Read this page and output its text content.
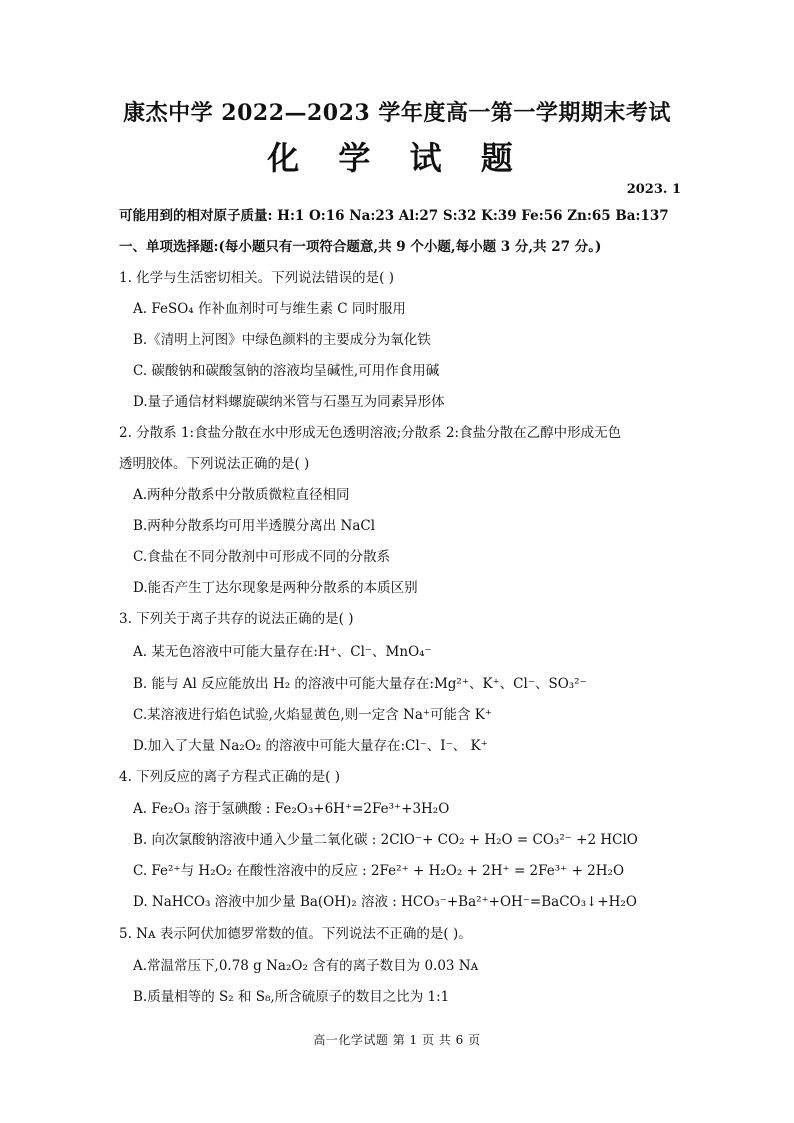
康杰中学 2022—2023 学年度高一第一学期期末考试
化 学 试 题
2023. 1
可能用到的相对原子质量: H:1 O:16 Na:23 Al:27 S:32 K:39 Fe:56 Zn:65 Ba:137
一、单项选择题:(每小题只有一项符合题意,共 9 个小题,每小题 3 分,共 27 分。)
1. 化学与生活密切相关。下列说法错误的是( )
A. FeSO₄ 作补血剂时可与维生素 C 同时服用
B.《清明上河图》中绿色颜料的主要成分为氧化铁
C. 碳酸钠和碳酸氢钠的溶液均呈碱性,可用作食用碱
D.量子通信材料螺旋碳纳米管与石墨互为同素异形体
2. 分散系 1:食盐分散在水中形成无色透明溶液;分散系 2:食盐分散在乙醇中形成无色
透明胶体。下列说法正确的是( )
A.两种分散系中分散质微粒直径相同
B.两种分散系均可用半透膜分离出 NaCl
C.食盐在不同分散剂中可形成不同的分散系
D.能否产生丁达尔现象是两种分散系的本质区别
3. 下列关于离子共存的说法正确的是( )
A. 某无色溶液中可能大量存在:H⁺、Cl⁻、MnO₄⁻
B. 能与 Al 反应能放出 H₂ 的溶液中可能大量存在:Mg²⁺、K⁺、Cl⁻、SO₃²⁻
C.某溶液进行焰色试验,火焰显黄色,则一定含 Na⁺可能含 K⁺
D.加入了大量 Na₂O₂ 的溶液中可能大量存在:Cl⁻、I⁻、 K⁺
4. 下列反应的离子方程式正确的是( )
A. Fe₂O₃ 溶于氢碘酸 : Fe₂O₃+6H⁺=2Fe³⁺+3H₂O
B. 向次氯酸钠溶液中通入少量二氧化碳 : 2ClO⁻+ CO₂ + H₂O = CO₃²⁻ +2 HClO
C. Fe²⁺与 H₂O₂ 在酸性溶液中的反应 : 2Fe²⁺ + H₂O₂ + 2H⁺ = 2Fe³⁺ + 2H₂O
D. NaHCO₃ 溶液中加少量 Ba(OH)₂ 溶液 : HCO₃⁻+Ba²⁺+OH⁻=BaCO₃↓+H₂O
5. Nᴀ 表示阿伏加德罗常数的值。下列说法不正确的是( )。
A.常温常压下,0.78 g Na₂O₂ 含有的离子数目为 0.03 Nᴀ
B.质量相等的 S₂ 和 S₈,所含硫原子的数目之比为 1:1
高一化学试题 第 1 页 共 6 页
